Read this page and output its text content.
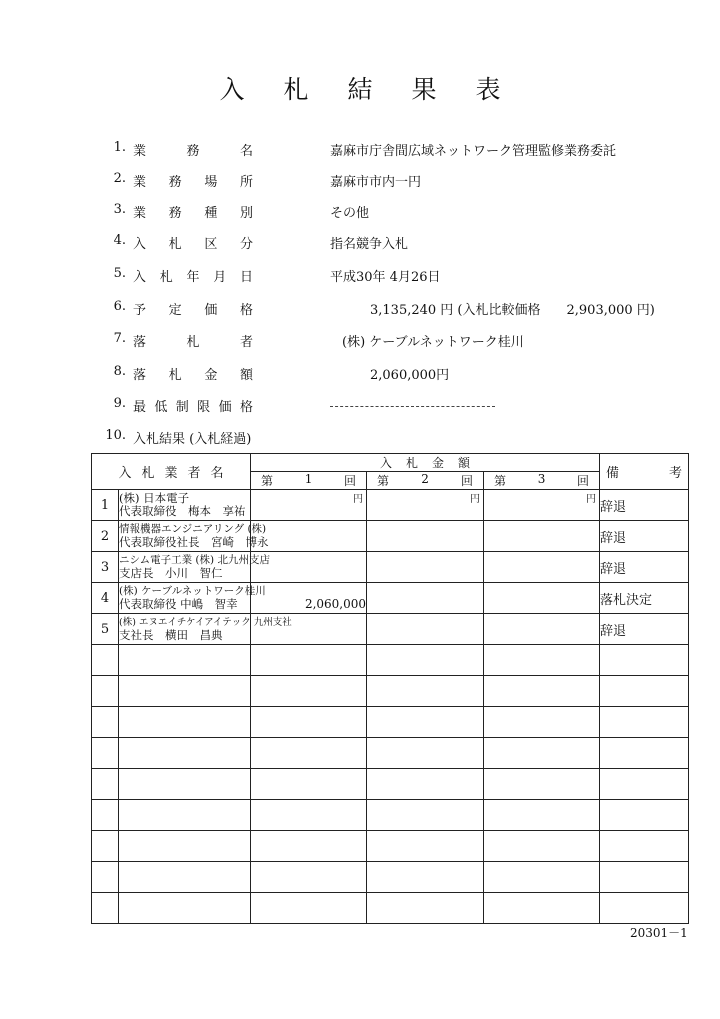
入	札	結	果	表
1. 業	務	名	嘉麻市庁舎間広域ネットワーク管理監修業務委託
2. 業 務 場 所	嘉麻市市内一円
3. 業 務 種 別	その他
4. 入 札 区 分	指名競争入札
5. 入 札 年 月 日	平成30年 4月26日
6. 予 定 価 格	3,135,240 円 (入札比較価格　　2,903,000 円)
7. 落	札	者	(株) ケーブルネットワーク桂川
8. 落 札 金 額	2,060,000円
9. 最 低 制 限 価 格
10. 入札結果 (入札経過)
入 札 業 者 名		入 札 金 額			備 考

		第 1 回	第 2 回	第 3 回	

1	(株) 日本電子
代表取締役　梅本　享祐	円	円	円	辞退
2	情報機器エンジニアリング (株)
代表取締役社長　宮崎　博永				辞退
3	ニシム電子工業 (株) 北九州支店
支店長　小川　智仁				辞退
4	(株) ケーブルネットワーク桂川
代表取締役 中嶋　智幸	2,060,000			落札決定
5	(株) エヌエイチケイアイテック 九州支社
支社長　横田　昌典				辞退

20301－1
